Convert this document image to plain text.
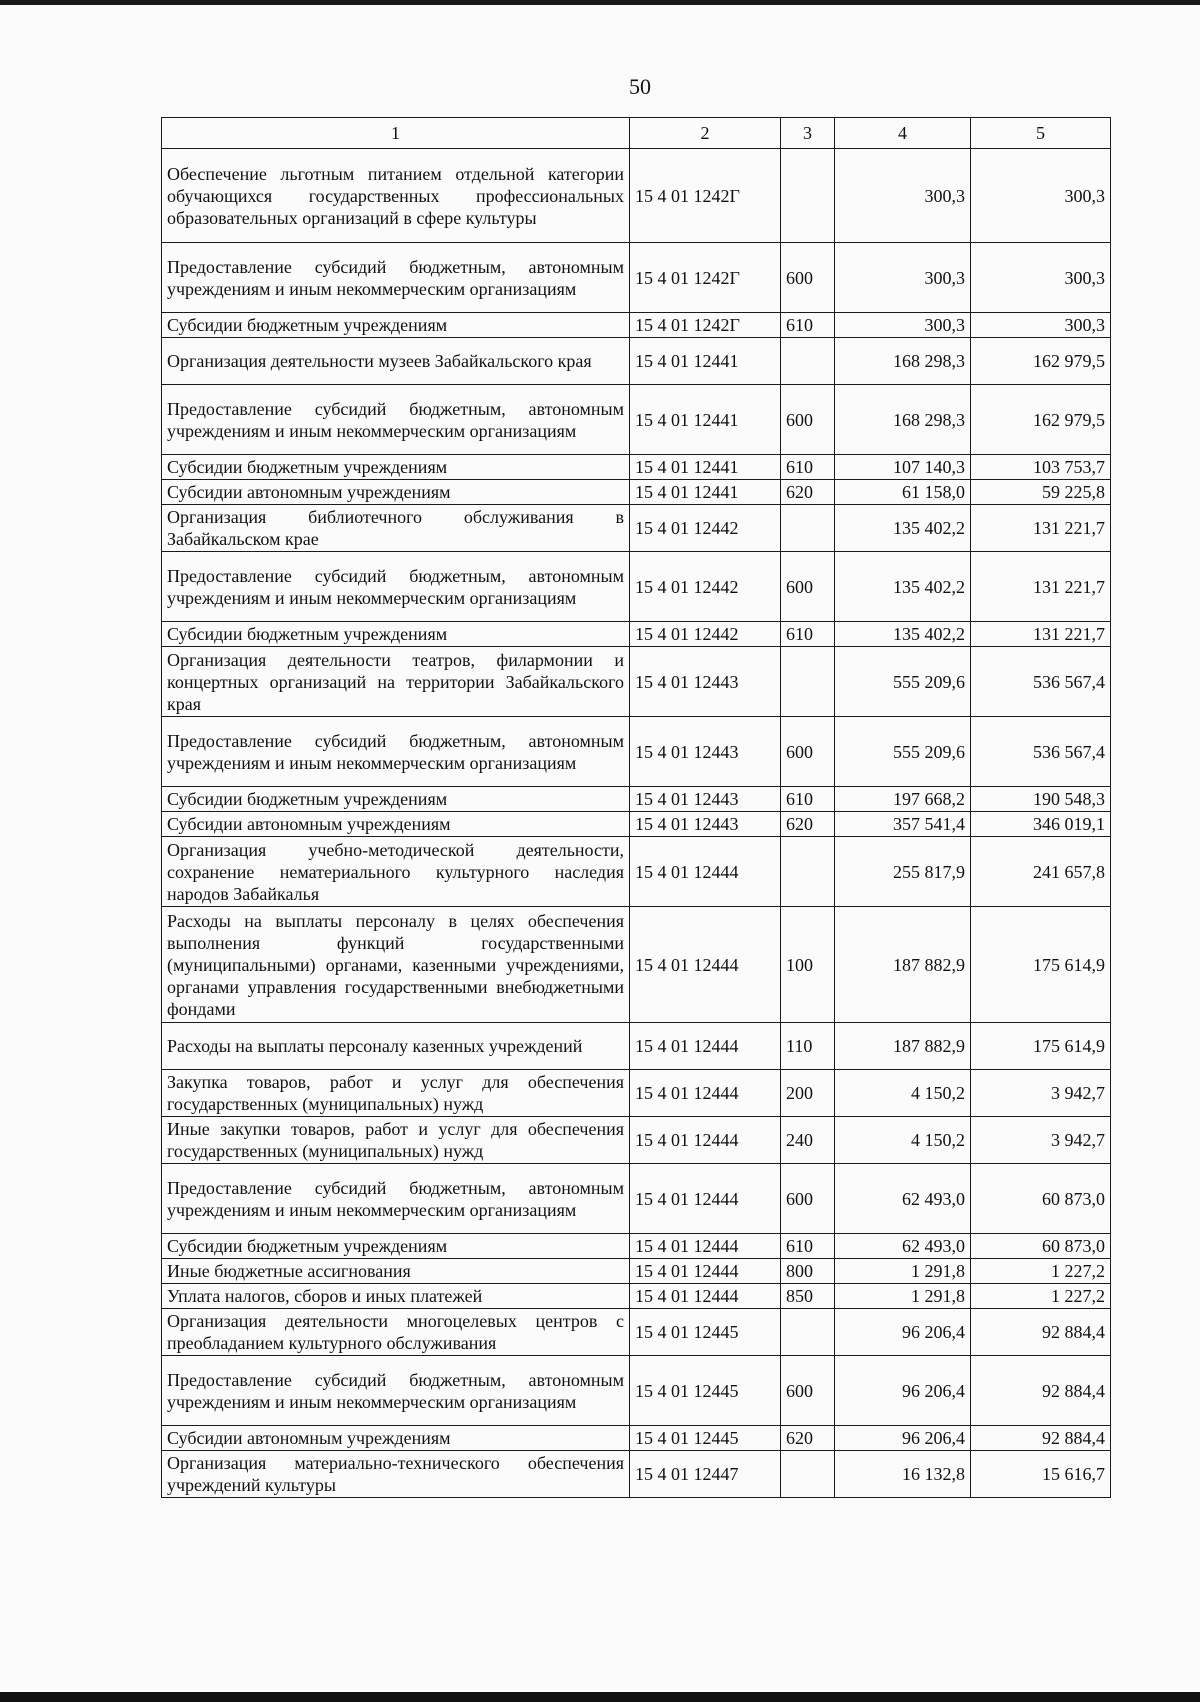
50
1	2	3	4	5
Обеспечение льготным питанием отдельной категории обучающихся государственных профессиональных образовательных организаций в сфере культуры	15 4 01 1242Г		300,3	300,3
Предоставление субсидий бюджетным, автономным учреждениям и иным некоммерческим организациям	15 4 01 1242Г	600	300,3	300,3
Субсидии бюджетным учреждениям	15 4 01 1242Г	610	300,3	300,3
Организация деятельности музеев Забайкальского края	15 4 01 12441		168 298,3	162 979,5
Предоставление субсидий бюджетным, автономным учреждениям и иным некоммерческим организациям	15 4 01 12441	600	168 298,3	162 979,5
Субсидии бюджетным учреждениям	15 4 01 12441	610	107 140,3	103 753,7
Субсидии автономным учреждениям	15 4 01 12441	620	61 158,0	59 225,8
Организация библиотечного обслуживания в Забайкальском крае	15 4 01 12442		135 402,2	131 221,7
Предоставление субсидий бюджетным, автономным учреждениям и иным некоммерческим организациям	15 4 01 12442	600	135 402,2	131 221,7
Субсидии бюджетным учреждениям	15 4 01 12442	610	135 402,2	131 221,7
Организация деятельности театров, филармонии и концертных организаций на территории Забайкальского края	15 4 01 12443		555 209,6	536 567,4
Предоставление субсидий бюджетным, автономным учреждениям и иным некоммерческим организациям	15 4 01 12443	600	555 209,6	536 567,4
Субсидии бюджетным учреждениям	15 4 01 12443	610	197 668,2	190 548,3
Субсидии автономным учреждениям	15 4 01 12443	620	357 541,4	346 019,1
Организация учебно-методической деятельности, сохранение нематериального культурного наследия народов Забайкалья	15 4 01 12444		255 817,9	241 657,8
Расходы на выплаты персоналу в целях обеспечения выполнения функций государственными (муниципальными) органами, казенными учреждениями, органами управления государственными внебюджетными фондами	15 4 01 12444	100	187 882,9	175 614,9
Расходы на выплаты персоналу казенных учреждений	15 4 01 12444	110	187 882,9	175 614,9
Закупка товаров, работ и услуг для обеспечения государственных (муниципальных) нужд	15 4 01 12444	200	4 150,2	3 942,7
Иные закупки товаров, работ и услуг для обеспечения государственных (муниципальных) нужд	15 4 01 12444	240	4 150,2	3 942,7
Предоставление субсидий бюджетным, автономным учреждениям и иным некоммерческим организациям	15 4 01 12444	600	62 493,0	60 873,0
Субсидии бюджетным учреждениям	15 4 01 12444	610	62 493,0	60 873,0
Иные бюджетные ассигнования	15 4 01 12444	800	1 291,8	1 227,2
Уплата налогов, сборов и иных платежей	15 4 01 12444	850	1 291,8	1 227,2
Организация деятельности многоцелевых центров с преобладанием культурного обслуживания	15 4 01 12445		96 206,4	92 884,4
Предоставление субсидий бюджетным, автономным учреждениям и иным некоммерческим организациям	15 4 01 12445	600	96 206,4	92 884,4
Субсидии автономным учреждениям	15 4 01 12445	620	96 206,4	92 884,4
Организация материально-технического обеспечения учреждений культуры	15 4 01 12447		16 132,8	15 616,7
